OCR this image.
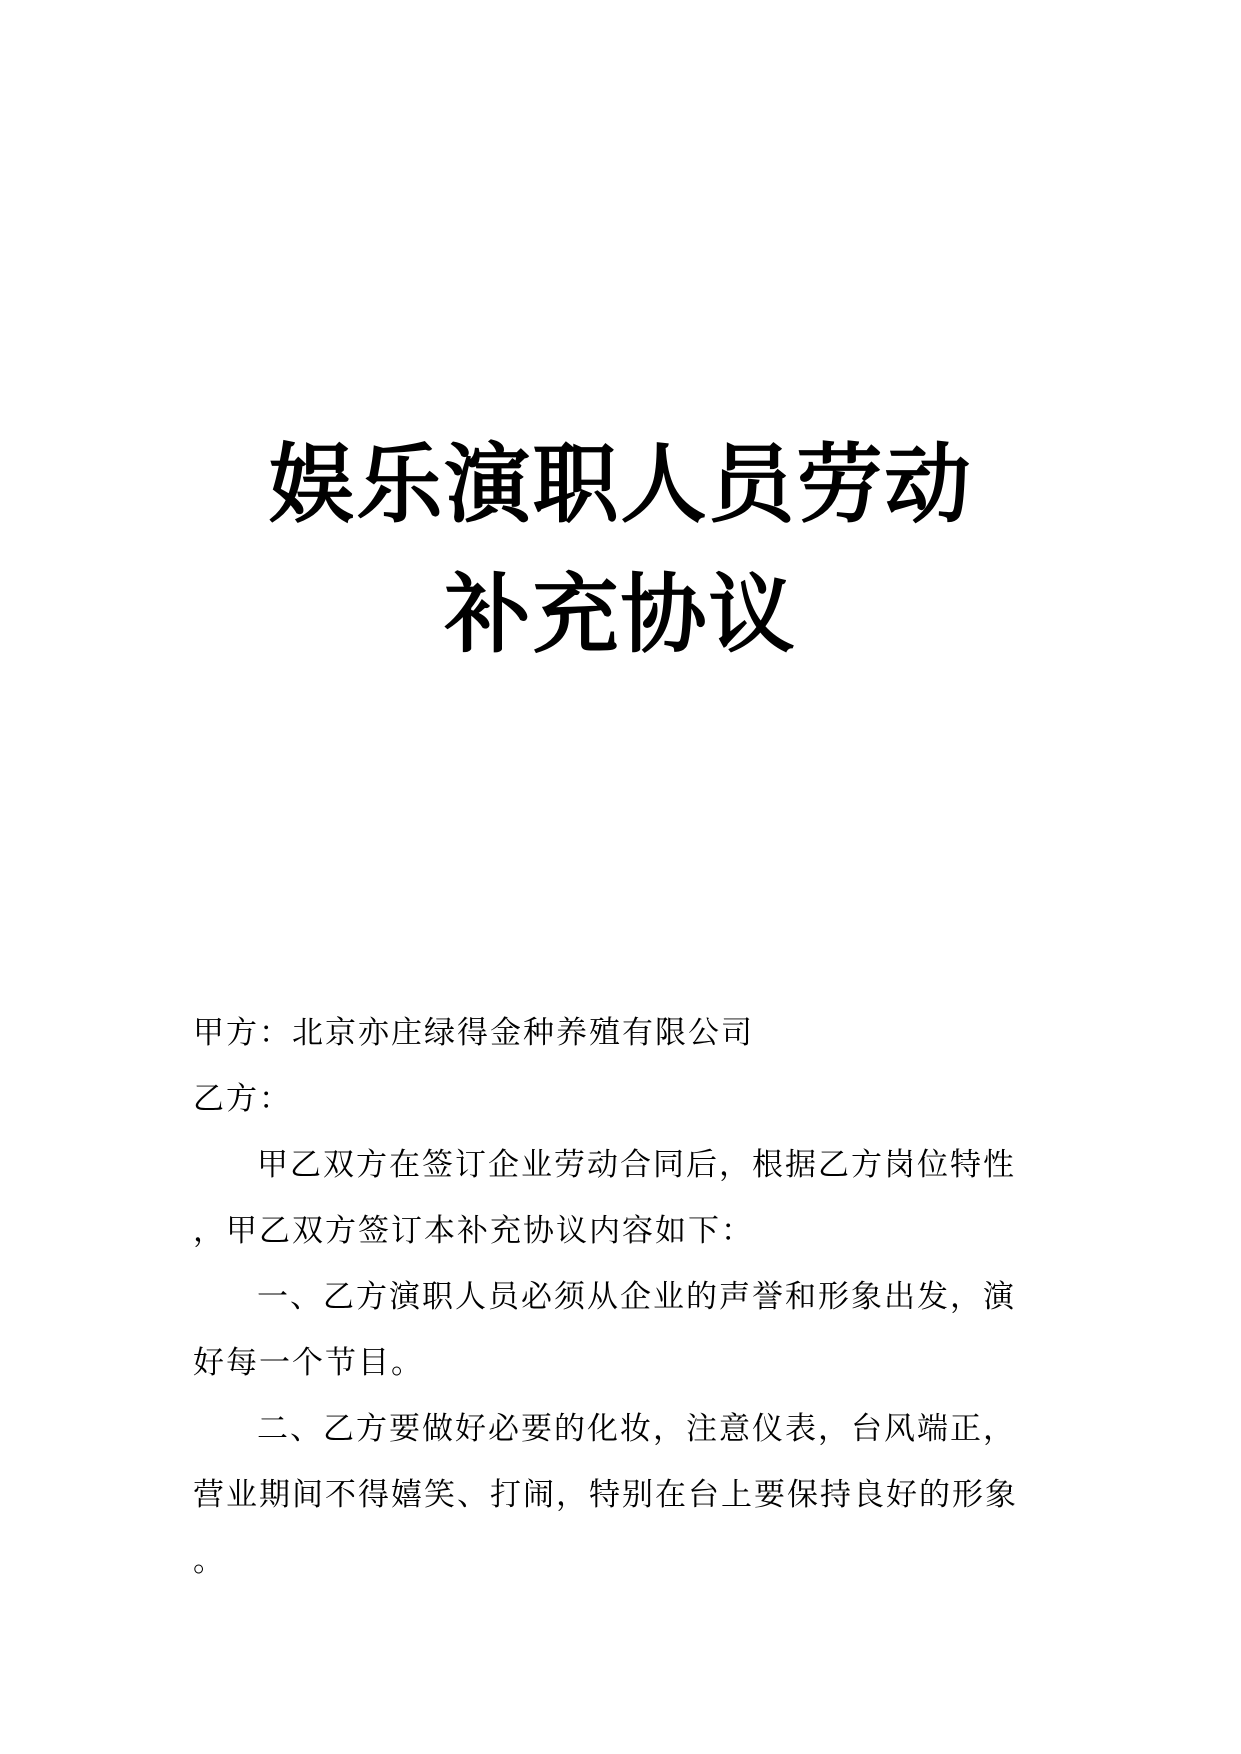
娱乐演职人员劳动
补充协议
甲方：北京亦庄绿得金种养殖有限公司
乙方：
甲乙双方在签订企业劳动合同后，根据乙方岗位特性
，甲乙双方签订本补充协议内容如下：
一、乙方演职人员必须从企业的声誉和形象出发，演
好每一个节目。
二、乙方要做好必要的化妆，注意仪表，台风端正，
营业期间不得嬉笑、打闹，特别在台上要保持良好的形象
。
